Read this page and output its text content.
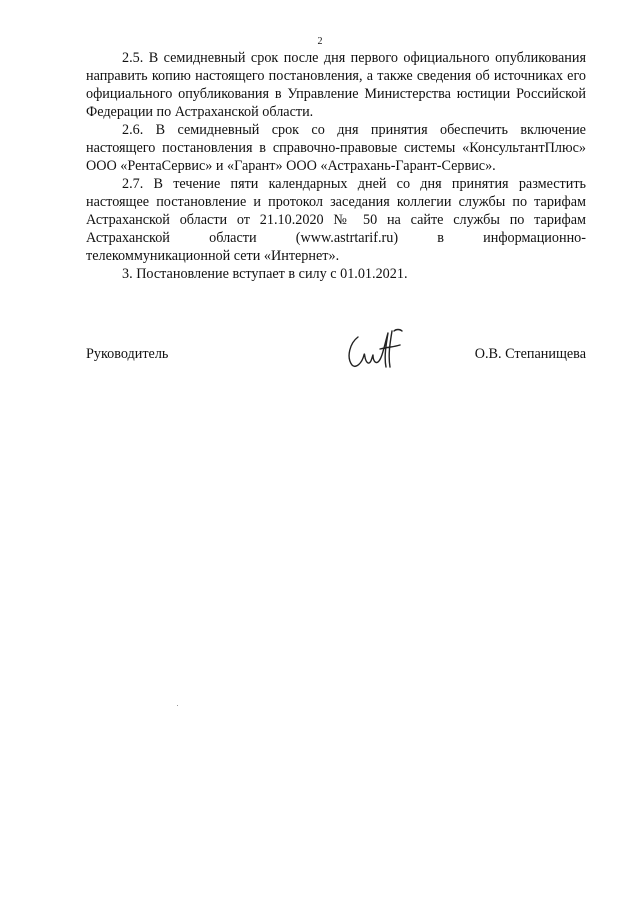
2

2.5. В семидневный срок после дня первого официального опубликования направить копию настоящего постановления, а также сведения об источниках его официального опубликования в Управление Министерства юстиции Российской Федерации по Астраханской области.

2.6. В семидневный срок со дня принятия обеспечить включение настоящего постановления в справочно-правовые системы «КонсультантПлюс» ООО «РентаСервис» и «Гарант» ООО «Астрахань-Гарант-Сервис».

2.7. В течение пяти календарных дней со дня принятия разместить настоящее постановление и протокол заседания коллегии службы по тарифам Астраханской области от 21.10.2020 № 50 на сайте службы по тарифам Астраханской области (www.astrtarif.ru) в информационно-телекоммуникационной сети «Интернет».

3. Постановление вступает в силу с 01.01.2021.

Руководитель	О.В. Степанищева
